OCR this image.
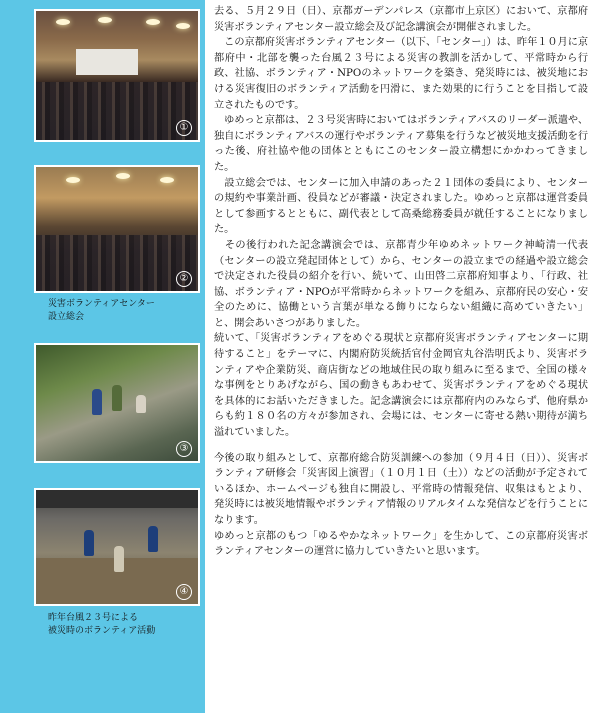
①
②
災害ボランティアセンター
設立総会
③
④
昨年台風２３号による
被災時のボランティア活動

去る、５月２９日（日）、京都ガーデンパレス（京都市上京区）において、京都府災害ボランティアセンター設立総会及び記念講演会が開催されました。

　この京都府災害ボランティアセンター（以下、「センター」）は、昨年１０月に京都府中・北部を襲った台風２３号による災害の教訓を活かして、平常時から行政、社協、ボランティア・NPOのネットワークを築き、発災時には、被災地における災害復旧のボランティア活動を円滑に、また効果的に行うことを目指して設立されたものです。

　ゆめっと京都は、２３号災害時においてはボランティアバスのリーダー派遣や、独自にボランティアバスの運行やボランティア募集を行うなど被災地支援活動を行った後、府社協や他の団体とともにこのセンター設立構想にかかわってきました。

　設立総会では、センターに加入申請のあった２１団体の委員により、センターの規約や事業計画、役員などが審議・決定されました。ゆめっと京都は運営委員として参画するとともに、副代表として高桑総務委員が就任することになりました。

　その後行われた記念講演会では、京都青少年ゆめネットワーク神崎清一代表（センターの設立発起団体として）から、センターの設立までの経過や設立総会で決定された役員の紹介を行い、続いて、山田啓二京都府知事より、「行政、社協、ボランティア・NPOが平常時からネットワークを組み、京都府民の安心・安全のために、協働という言葉が単なる飾りにならない組織に高めていきたい」と、開会あいさつがありました。

続いて、「災害ボランティアをめぐる現状と京都府災害ボランティアセンターに期待すること」をテーマに、内閣府防災統括官付金岡官丸谷浩明氏より、災害ボランティアや企業防災、商店街などの地域住民の取り組みに至るまで、全国の様々な事例をとりあげながら、国の動きもあわせて、災害ボランティアをめぐる現状を具体的にお話いただきました。記念講演会には京都府内のみならず、他府県からも約１８０名の方々が参加され、会場には、センターに寄せる熱い期待が満ち溢れていました。

今後の取り組みとして、京都府総合防災訓練への参加（９月４日（日））、災害ボランティア研修会「災害図上演習」（１０月１日（土））などの活動が予定されているほか、ホームページも独自に開設し、平常時の情報発信、収集はもとより、発災時には被災地情報やボランティア情報のリアルタイムな発信などを行うことになります。

ゆめっと京都のもつ「ゆるやかなネットワーク」を生かして、この京都府災害ボランティアセンターの運営に協力していきたいと思います。
